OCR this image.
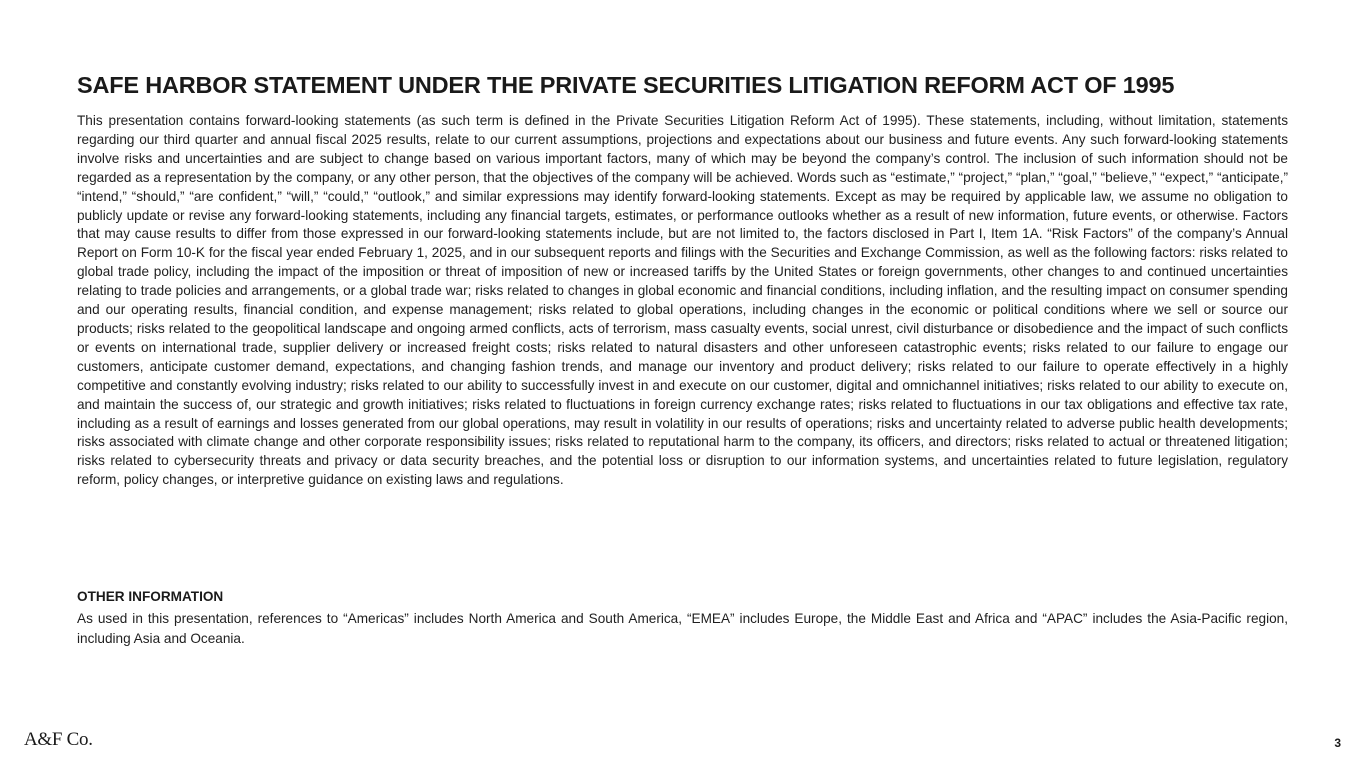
SAFE HARBOR STATEMENT UNDER THE PRIVATE SECURITIES LITIGATION REFORM ACT OF 1995

This presentation contains forward-looking statements (as such term is defined in the Private Securities Litigation Reform Act of 1995). These statements, including, without limitation, statements regarding our third quarter and annual fiscal 2025 results, relate to our current assumptions, projections and expectations about our business and future events. Any such forward-looking statements involve risks and uncertainties and are subject to change based on various important factors, many of which may be beyond the company’s control. The inclusion of such information should not be regarded as a representation by the company, or any other person, that the objectives of the company will be achieved. Words such as “estimate,” “project,” “plan,” “goal,” “believe,” “expect,” “anticipate,” “intend,” “should,” “are confident,” “will,” “could,” “outlook,” and similar expressions may identify forward-looking statements. Except as may be required by applicable law, we assume no obligation to publicly update or revise any forward-looking statements, including any financial targets, estimates, or performance outlooks whether as a result of new information, future events, or otherwise. Factors that may cause results to differ from those expressed in our forward-looking statements include, but are not limited to, the factors disclosed in Part I, Item 1A. “Risk Factors” of the company’s Annual Report on Form 10-K for the fiscal year ended February 1, 2025, and in our subsequent reports and filings with the Securities and Exchange Commission, as well as the following factors: risks related to global trade policy, including the impact of the imposition or threat of imposition of new or increased tariffs by the United States or foreign governments, other changes to and continued uncertainties relating to trade policies and arrangements, or a global trade war; risks related to changes in global economic and financial conditions, including inflation, and the resulting impact on consumer spending and our operating results, financial condition, and expense management; risks related to global operations, including changes in the economic or political conditions where we sell or source our products; risks related to the geopolitical landscape and ongoing armed conflicts, acts of terrorism, mass casualty events, social unrest, civil disturbance or disobedience and the impact of such conflicts or events on international trade, supplier delivery or increased freight costs; risks related to natural disasters and other unforeseen catastrophic events; risks related to our failure to engage our customers, anticipate customer demand, expectations, and changing fashion trends, and manage our inventory and product delivery; risks related to our failure to operate effectively in a highly competitive and constantly evolving industry; risks related to our ability to successfully invest in and execute on our customer, digital and omnichannel initiatives; risks related to our ability to execute on, and maintain the success of, our strategic and growth initiatives; risks related to fluctuations in foreign currency exchange rates; risks related to fluctuations in our tax obligations and effective tax rate, including as a result of earnings and losses generated from our global operations, may result in volatility in our results of operations; risks and uncertainty related to adverse public health developments; risks associated with climate change and other corporate responsibility issues; risks related to reputational harm to the company, its officers, and directors; risks related to actual or threatened litigation; risks related to cybersecurity threats and privacy or data security breaches, and the potential loss or disruption to our information systems, and uncertainties related to future legislation, regulatory reform, policy changes, or interpretive guidance on existing laws and regulations.

OTHER INFORMATION

As used in this presentation, references to “Americas” includes North America and South America, “EMEA” includes Europe, the Middle East and Africa and “APAC” includes the Asia-Pacific region, including Asia and Oceania.

A&F Co.	3
